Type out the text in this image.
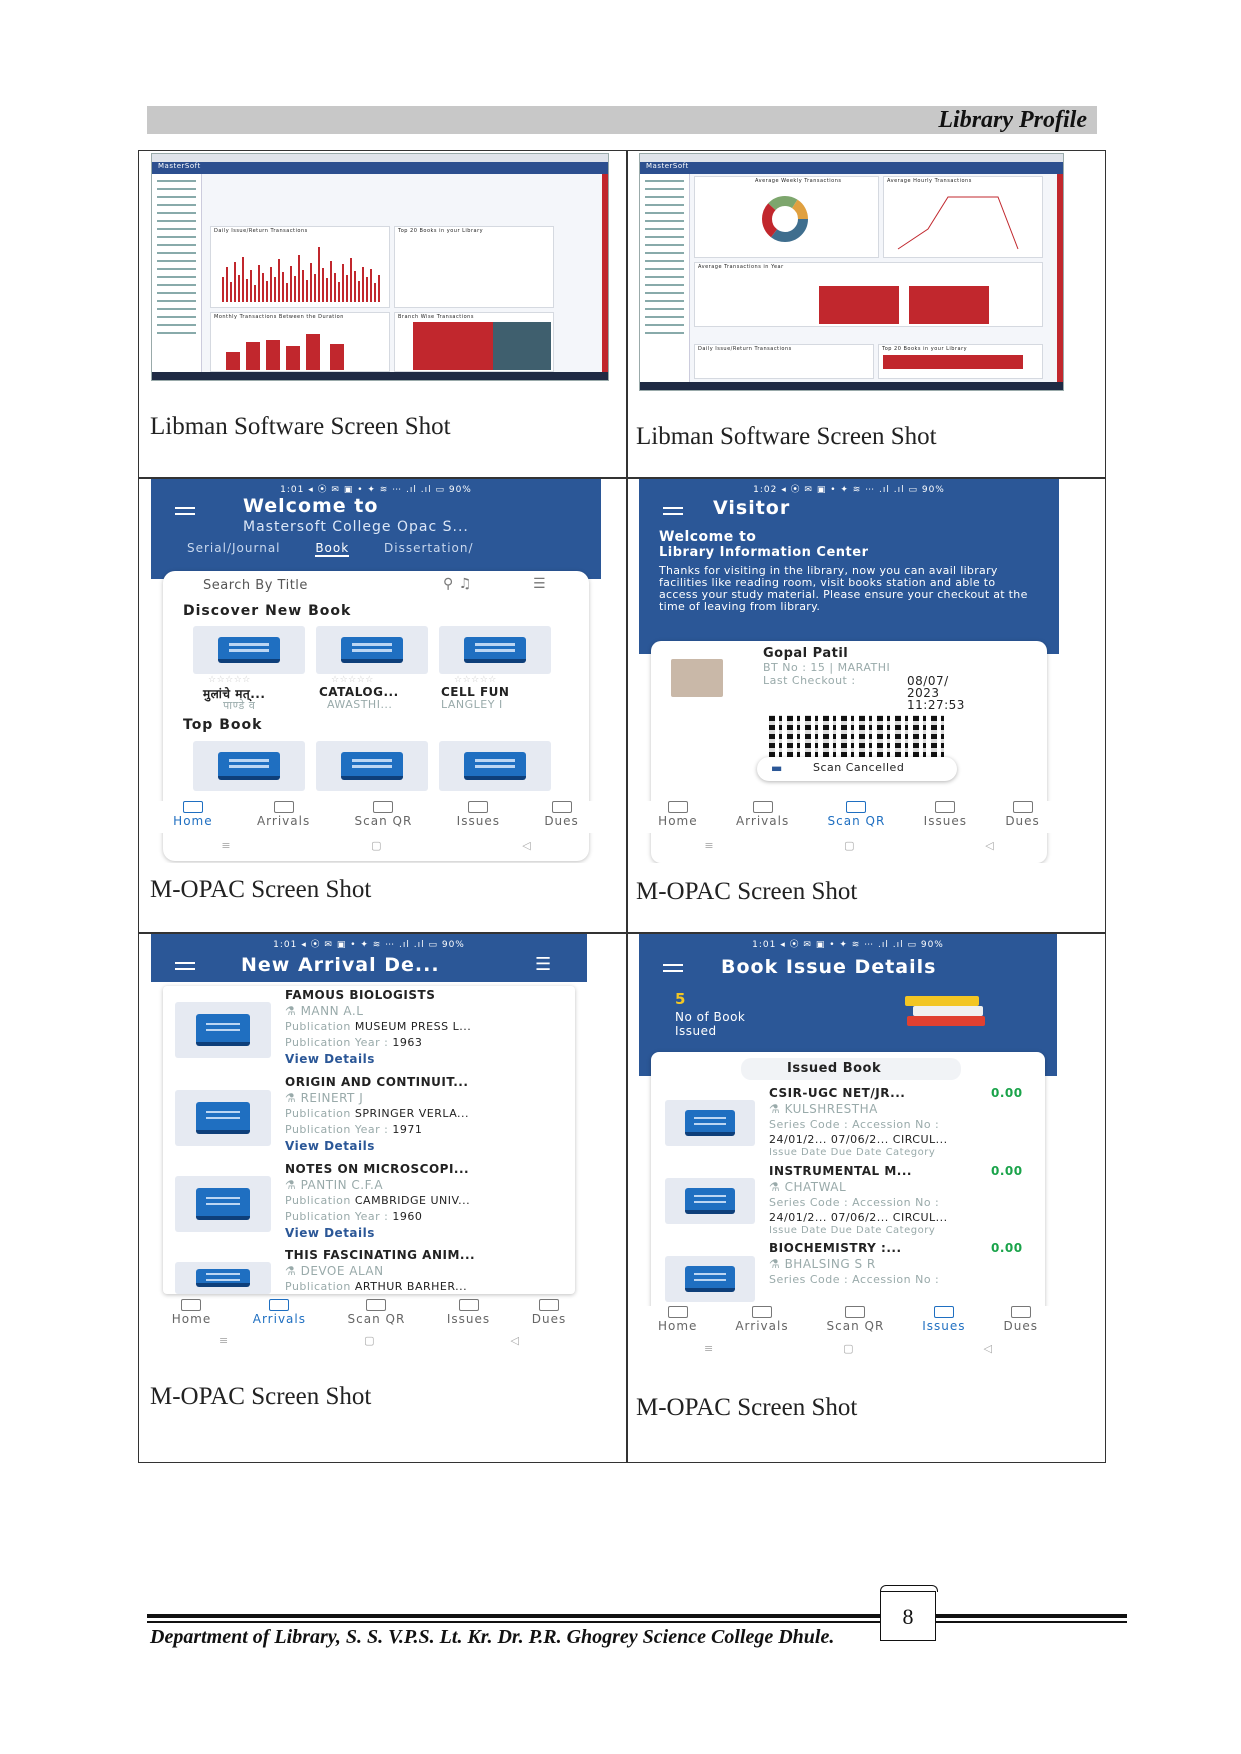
Library Profile
MasterSoft
Daily Issue/Return Transactions	Top 20 Books in your Library
Monthly Transactions Between the Duration	Branch Wise Transactions
Libman Software Screen Shot
MasterSoft
Average Weekly Transactions	Average Hourly Transactions
Average Transactions in Year
Daily Issue/Return Transactions	Top 20 Books in your Library
Libman Software Screen Shot
1:01 ◂ ⦿ ✉ ▣ • ✦ ≋ ⋯ .ıl .ıl ▭ 90%
Welcome to
Mastersoft College Opac S...
Serial/Journal	Book	Dissertation/
Search By Title	⚲ ♫	☰
Discover New Book
☆☆☆☆☆	☆☆☆☆☆	☆☆☆☆☆
मुलांचे मत्...
पाण्डे व
CATALOG...
AWASTHI...
CELL FUN
LANGLEY I
Top Book
Home	Arrivals	Scan QR	Issues	Dues
≡	▢	◁
M-OPAC Screen Shot
1:02 ◂ ⦿ ✉ ▣ • ✦ ≋ ⋯ .ıl .ıl ▭ 90%
Visitor
Welcome to
Library Information Center
Thanks for visiting in the library, now you can avail library facilities like reading room, visit books station and able to access your study material. Please ensure your checkout at the time of leaving from library.
Gopal Patil
BT No : 15 | MARATHI
Last Checkout :	08/07/
2023
11:27:53
▬	Scan Cancelled
Home	Arrivals	Scan QR	Issues	Dues
≡	▢	◁
M-OPAC Screen Shot
1:01 ◂ ⦿ ✉ ▣ • ✦ ≋ ⋯ .ıl .ıl ▭ 90%
New Arrival De...	☰
FAMOUS BIOLOGISTS
⚗ MANN A.L
Publication MUSEUM PRESS L...
Publication Year : 1963
View Details
ORIGIN AND CONTINUIT...
⚗ REINERT J
Publication SPRINGER VERLA...
Publication Year : 1971
View Details
NOTES ON MICROSCOPI...
⚗ PANTIN C.F.A
Publication CAMBRIDGE UNIV...
Publication Year : 1960
View Details
THIS FASCINATING ANIM...
⚗ DEVOE ALAN
Publication ARTHUR BARHER...
Home	Arrivals	Scan QR	Issues	Dues
≡	▢	◁
M-OPAC Screen Shot
1:01 ◂ ⦿ ✉ ▣ • ✦ ≋ ⋯ .ıl .ıl ▭ 90%
Book Issue Details
5
No of Book
Issued
Issued Book
CSIR-UGC NET/JR...	0.00
⚗ KULSHRESTHA
Series Code : Accession No :
24/01/2... 07/06/2... CIRCUL...
Issue Date Due Date Category
INSTRUMENTAL M...	0.00
⚗ CHATWAL
Series Code : Accession No :
24/01/2... 07/06/2... CIRCUL...
Issue Date Due Date Category
BIOCHEMISTRY :...	0.00
⚗ BHALSING S R
Series Code : Accession No :
Home	Arrivals	Scan QR	Issues	Dues
≡	▢	◁
M-OPAC Screen Shot
Department of Library, S. S. V.P.S. Lt. Kr. Dr. P.R. Ghogrey Science College Dhule.
8
